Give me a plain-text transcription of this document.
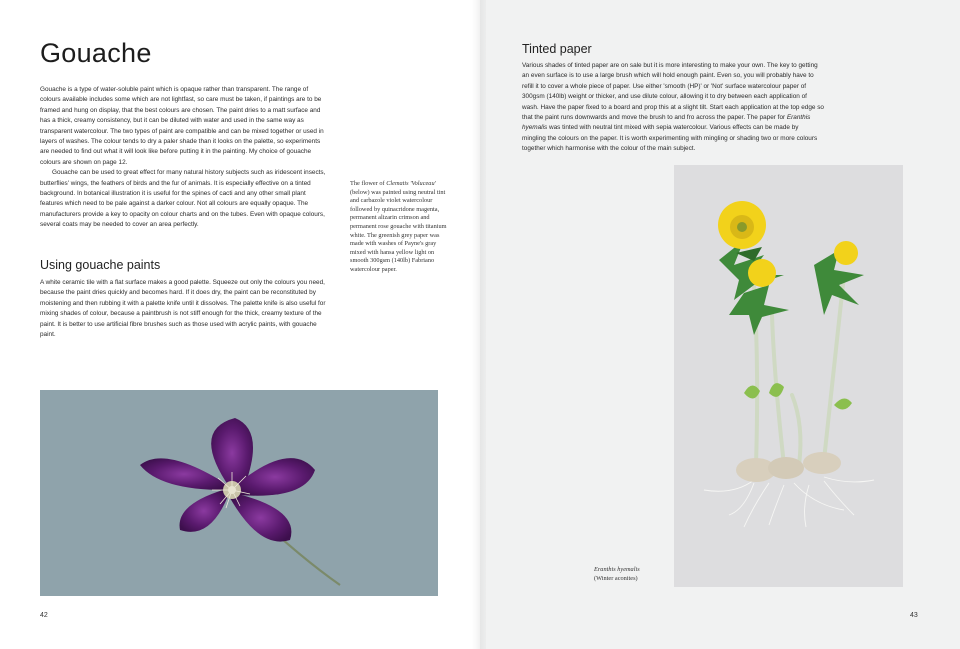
Gouache

Gouache is a type of water-soluble paint which is opaque rather than transparent. The range of colours available includes some which are not lightfast, so care must be taken, if paintings are to be framed and hung on display, that the best colours are chosen. The paint dries to a matt surface and has a thick, creamy consistency, but it can be diluted with water and used in the same way as transparent watercolour. The two types of paint are compatible and can be mixed together or used in layers of washes. The colour tends to dry a paler shade than it looks on the palette, so experiments are needed to find out what it will look like before putting it in the painting. My choice of gouache colours are shown on page 12.

Gouache can be used to great effect for many natural history subjects such as iridescent insects, butterflies' wings, the feathers of birds and the fur of animals. It is especially effective on a tinted background. In botanical illustration it is useful for the spines of cacti and any other small plant features which need to be pale against a darker colour. Not all colours are equally opaque. The manufacturers provide a key to opacity on colour charts and on the tubes. Even with opaque colours, several coats may be needed to cover an area perfectly.

Using gouache paints

A white ceramic tile with a flat surface makes a good palette. Squeeze out only the colours you need, because the paint dries quickly and becomes hard. If it does dry, the paint can be reconstituted by moistening and then rubbing it with a palette knife until it dissolves. The palette knife is also useful for mixing shades of colour, because a paintbrush is not stiff enough for the thick, creamy texture of the paint. It is better to use artificial fibre brushes such as those used with acrylic paints, with gouache paint.

The flower of Clematis 'Voluceau' (below) was painted using neutral tint and carbazole violet watercolour followed by quinacridone magenta, permanent alizarin crimson and permanent rose gouache with titanium white. The greenish grey paper was made with washes of Payne's gray mixed with hansa yellow light on smooth 300gsm (140lb) Fabriano watercolour paper.
42
Tinted paper

Various shades of tinted paper are on sale but it is more interesting to make your own. The key to getting an even surface is to use a large brush which will hold enough paint. Even so, you will probably have to refill it to cover a whole piece of paper. Use either 'smooth (HP)' or 'Not' surface watercolour paper of 300gsm (140lb) weight or thicker, and use dilute colour, allowing it to dry between each application of wash. Have the paper fixed to a board and prop this at a slight tilt. Start each application at the top edge so that the paint runs downwards and move the brush to and fro across the paper. The paper for Eranthis hyemalis was tinted with neutral tint mixed with sepia watercolour. Various effects can be made by mingling the colours on the paper. It is worth experimenting with mingling or shading two or more colours together which harmonise with the colour of the main subject.

43
Eranthis hyemalis
(Winter aconites)
